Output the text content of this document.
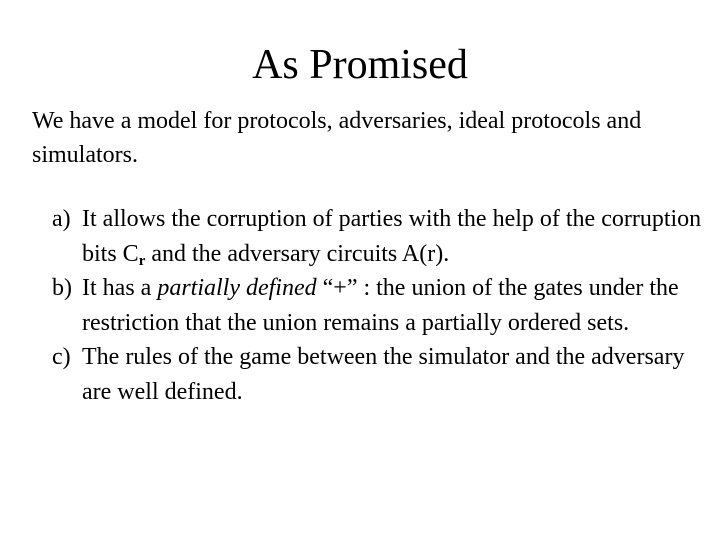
As Promised

We have a model for protocols, adversaries, ideal protocols and simulators.

a) It allows the corruption of parties with the help of the corruption bits $C_r$ and the adversary circuits A(r).
b) It has a partially defined “+” : the union of the gates under the restriction that the union remains a partially ordered sets.
c) The rules of the game between the simulator and the adversary are well defined.
